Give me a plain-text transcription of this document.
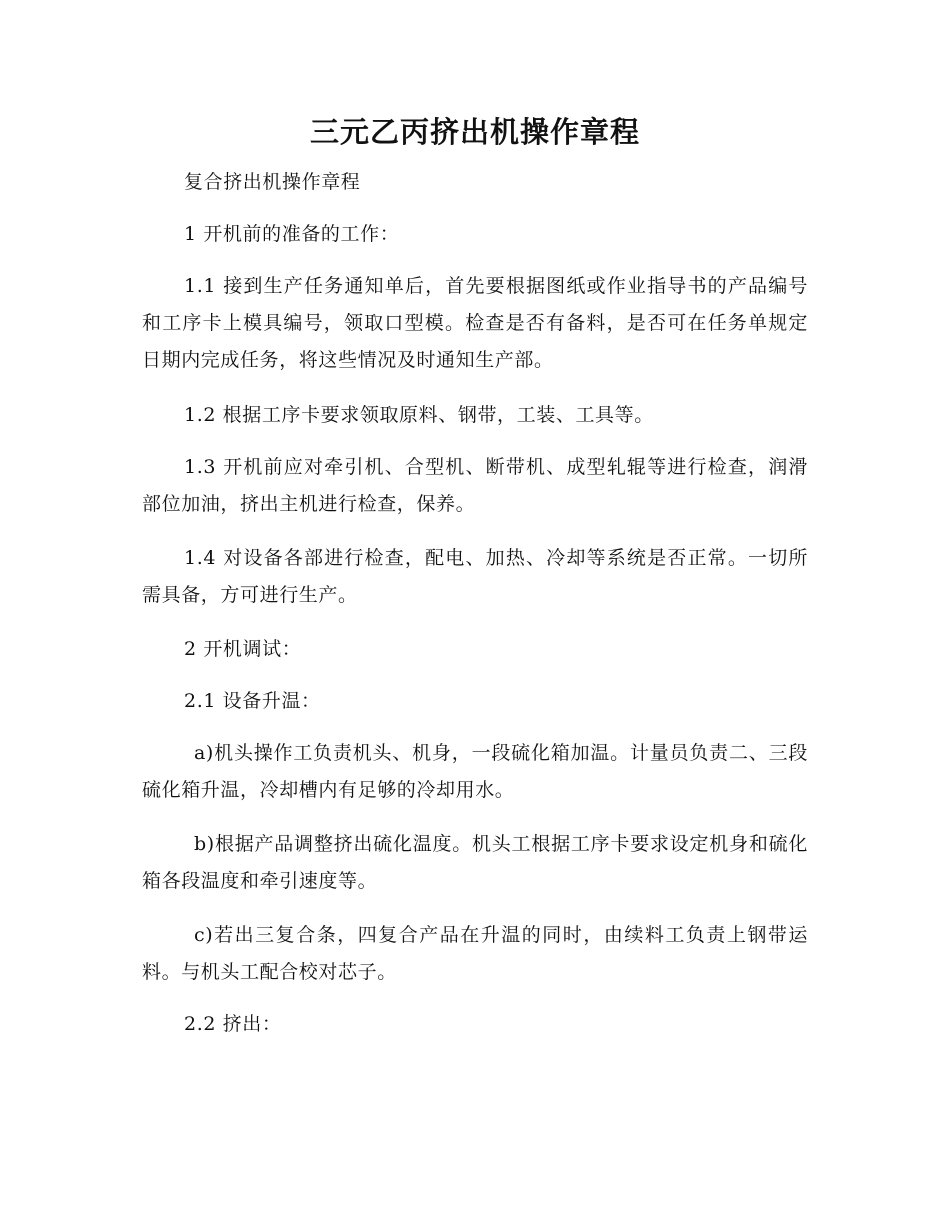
三元乙丙挤出机操作章程

复合挤出机操作章程

1 开机前的准备的工作：

1.1 接到生产任务通知单后，首先要根据图纸或作业指导书的产品编号和工序卡上模具编号，领取口型模。检查是否有备料，是否可在任务单规定日期内完成任务，将这些情况及时通知生产部。

1.2 根据工序卡要求领取原料、钢带，工装、工具等。

1.3 开机前应对牵引机、合型机、断带机、成型轧辊等进行检查，润滑部位加油，挤出主机进行检查，保养。

1.4 对设备各部进行检查，配电、加热、冷却等系统是否正常。一切所需具备，方可进行生产。

2 开机调试：

2.1 设备升温：

a)机头操作工负责机头、机身，一段硫化箱加温。计量员负责二、三段硫化箱升温，冷却槽内有足够的冷却用水。

b)根据产品调整挤出硫化温度。机头工根据工序卡要求设定机身和硫化箱各段温度和牵引速度等。

c)若出三复合条，四复合产品在升温的同时，由续料工负责上钢带运料。与机头工配合校对芯子。

2.2 挤出：
